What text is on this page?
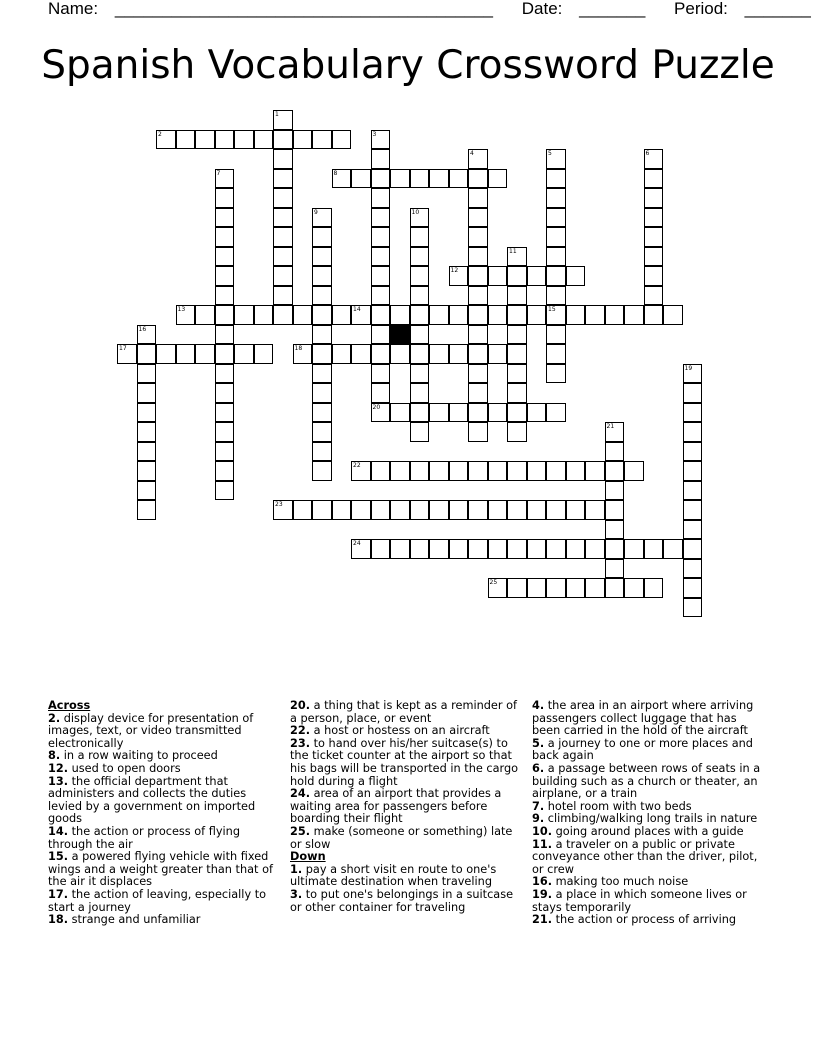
Name: ________________________________________ Date: _______ Period: _______
Spanish Vocabulary Crossword Puzzle
1
2	3
4	5
15
6
7	8
9	10
11
12
13	14
16
17	18
19
20
21
22
23
24
25

Across

2. display device for presentation of images, text, or video transmitted electronically

8. in a row waiting to proceed

12. used to open doors

13. the official department that administers and collects the duties levied by a government on imported goods

14. the action or process of flying through the air

15. a powered flying vehicle with fixed wings and a weight greater than that of the air it displaces

17. the action of leaving, especially to start a journey

18. strange and unfamiliar

20. a thing that is kept as a reminder of a person, place, or event

22. a host or hostess on an aircraft

23. to hand over his/her suitcase(s) to the ticket counter at the airport so that his bags will be transported in the cargo hold during a flight

24. area of an airport that provides a waiting area for passengers before boarding their flight

25. make (someone or something) late or slow

Down

1. pay a short visit en route to one's ultimate destination when traveling

3. to put one's belongings in a suitcase or other container for traveling

4. the area in an airport where arriving passengers collect luggage that has been carried in the hold of the aircraft

5. a journey to one or more places and back again

6. a passage between rows of seats in a building such as a church or theater, an airplane, or a train

7. hotel room with two beds

9. climbing/walking long trails in nature

10. going around places with a guide

11. a traveler on a public or private conveyance other than the driver, pilot, or crew

16. making too much noise

19. a place in which someone lives or stays temporarily

21. the action or process of arriving
